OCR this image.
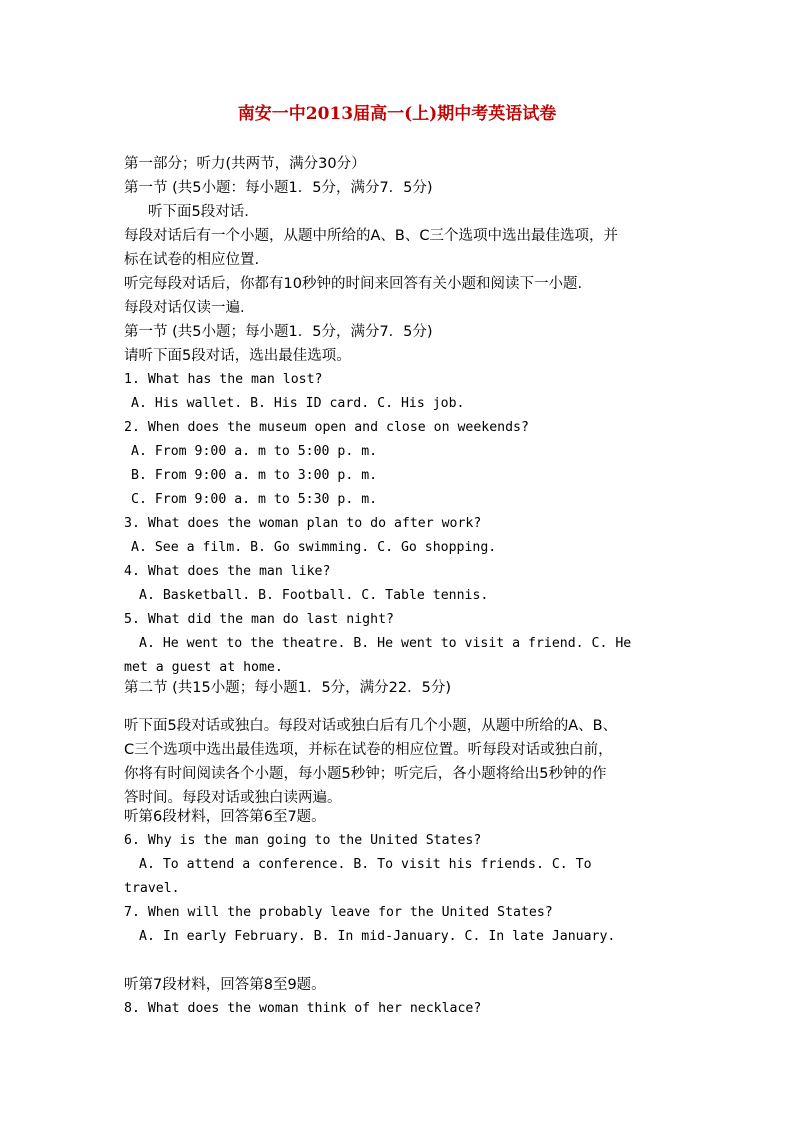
南安一中2013届高一(上)期中考英语试卷
第一部分；听力(共两节，满分30分）
第一节 (共5小题：每小题1．5分，满分7．5分)
听下面5段对话.
每段对话后有一个小题，从题中所给的A、B、C三个选项中选出最佳选项，并
标在试卷的相应位置.
听完每段对话后，你都有10秒钟的时间来回答有关小题和阅读下一小题.
每段对话仅读一遍.
第一节 (共5小题；每小题1．5分，满分7．5分)
请听下面5段对话，选出最佳选项。
1. What has the man lost?
A. His wallet. B. His ID card. C. His job.
2. When does the museum open and close on weekends?
A. From 9:00 a. m to 5:00 p. m.
B. From 9:00 a. m to 3:00 p. m.
C. From 9:00 a. m to 5:30 p. m.
3. What does the woman plan to do after work?
A. See a film. B. Go swimming. C. Go shopping.
4. What does the man like?
A. Basketball. B. Football. C. Table tennis.
5. What did the man do last night?
A. He went to the theatre. B. He went to visit a friend. C. He
met a guest at home.
第二节 (共15小题；每小题1．5分，满分22．5分)
听下面5段对话或独白。每段对话或独白后有几个小题，从题中所给的A、B、
C三个选项中选出最佳选项，并标在试卷的相应位置。听每段对话或独白前，
你将有时间阅读各个小题，每小题5秒钟；听完后，各小题将给出5秒钟的作
答时间。每段对话或独白读两遍。
听第6段材料，回答第6至7题。
6. Why is the man going to the United States?
A. To attend a conference. B. To visit his friends. C. To
travel.
7. When will the probably leave for the United States?
A. In early February. B. In mid-January. C. In late January.
听第7段材料，回答第8至9题。
8. What does the woman think of her necklace?
